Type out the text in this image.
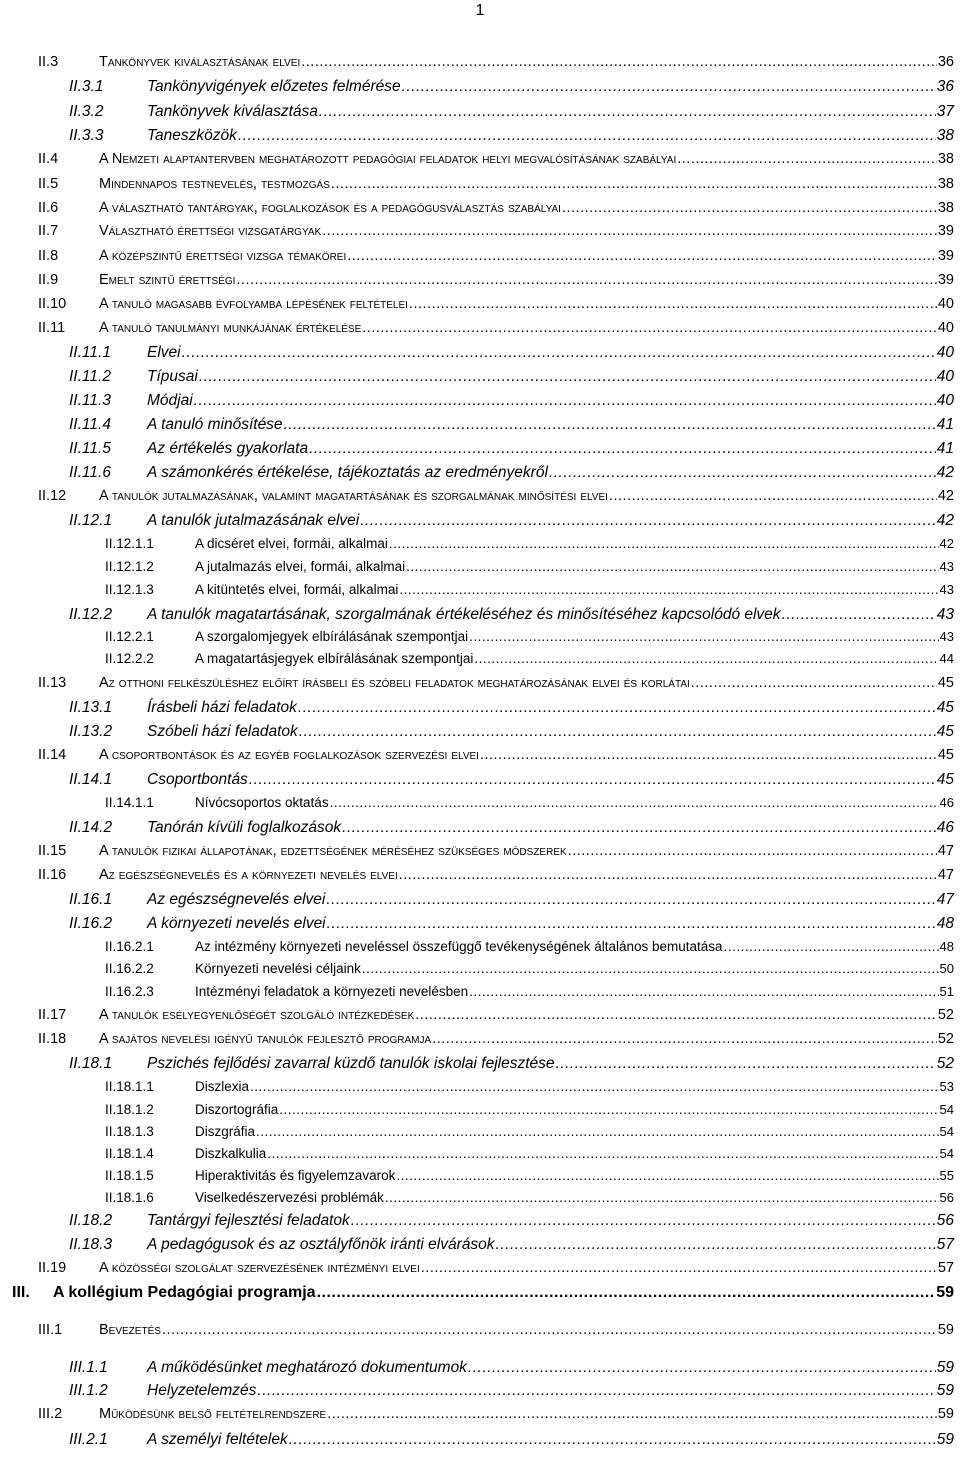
1
II.3	Tankönyvek kiválasztásának elvei .....	36
II.3.1	Tankönyvigények előzetes felmérése .....	36
II.3.2	Tankönyvek kiválasztása .....	37
II.3.3	Taneszközök .....	38
II.4	A Nemzeti alaptantervben meghatározott pedagógiai feladatok helyi megvalósításának szabályai .....	38
II.5	Mindennapos testnevelés, testmozgás .....	38
II.6	A választható tantárgyak, foglalkozások és a pedagógusválasztás szabályai .....	38
II.7	Választható érettségi vizsgatárgyak .....	39
II.8	A középszintű érettségi vizsga témakörei .....	39
II.9	Emelt szintű érettségi .....	39
II.10	A tanuló magasabb évfolyamba lépésének feltételei .....	40
II.11	A tanuló tanulmányi munkájának értékelése .....	40
II.11.1	Elvei .....	40
II.11.2	Típusai .....	40
II.11.3	Módjai .....	40
II.11.4	A tanuló minősítése .....	41
II.11.5	Az értékelés gyakorlata .....	41
II.11.6	A számonkérés értékelése, tájékoztatás az eredményekről .....	42
II.12	A tanulók jutalmazásának, valamint magatartásának és szorgalmának minősítési elvei .....	42
II.12.1	A tanulók jutalmazásának elvei .....	42
II.12.1.1	A dicséret elvei, formái, alkalmai .....	42
II.12.1.2	A jutalmazás elvei, formái, alkalmai .....	43
II.12.1.3	A kitüntetés elvei, formái, alkalmai .....	43
II.12.2	A tanulók magatartásának, szorgalmának értékeléséhez és minősítéséhez kapcsolódó elvek .....	43
II.12.2.1	A szorgalomjegyek elbírálásának szempontjai .....	43
II.12.2.2	A magatartásjegyek elbírálásának szempontjai .....	44
II.13	Az otthoni felkészüléshez előírt írásbeli és szóbeli feladatok meghatározásának elvei és korlátai .....	45
II.13.1	Írásbeli házi feladatok .....	45
II.13.2	Szóbeli házi feladatok .....	45
II.14	A csoportbontások és az egyéb foglalkozások szervezési elvei .....	45
II.14.1	Csoportbontás .....	45
II.14.1.1	Nívócsoportos oktatás .....	46
II.14.2	Tanórán kívüli foglalkozások .....	46
II.15	A tanulók fizikai állapotának, edzettségének méréséhez szükséges módszerek .....	47
II.16	Az egészségnevelés és a környezeti nevelés elvei .....	47
II.16.1	Az egészségnevelés elvei .....	47
II.16.2	A környezeti nevelés elvei .....	48
II.16.2.1	Az intézmény környezeti neveléssel összefüggő tevékenységének általános bemutatása .....	48
II.16.2.2	Környezeti nevelési céljaink .....	50
II.16.2.3	Intézményi feladatok a környezeti nevelésben .....	51
II.17	A tanulók esélyegyenlőségét szolgáló intézkedések .....	52
II.18	A sajátos nevelési igényű tanulók fejlesztő programja .....	52
II.18.1	Pszichés fejlődési zavarral küzdő tanulók iskolai fejlesztése .....	52
II.18.1.1	Diszlexia .....	53
II.18.1.2	Diszortográfia .....	54
II.18.1.3	Diszgráfia .....	54
II.18.1.4	Diszkalkulia .....	54
II.18.1.5	Hiperaktivitás és figyelemzavarok .....	55
II.18.1.6	Viselkedészervezési problémák .....	56
II.18.2	Tantárgyi fejlesztési feladatok .....	56
II.18.3	A pedagógusok és az osztályfőnök iránti elvárások .....	57
II.19	A közösségi szolgálat szervezésének intézményi elvei .....	57
III.	A kollégium Pedagógiai programja .....	59
III.1	Bevezetés .....	59
III.1.1	A működésünket meghatározó dokumentumok .....	59
III.1.2	Helyzetelemzés .....	59
III.2	Működésünk belső feltételrendszere .....	59
III.2.1	A személyi feltételek .....	59
